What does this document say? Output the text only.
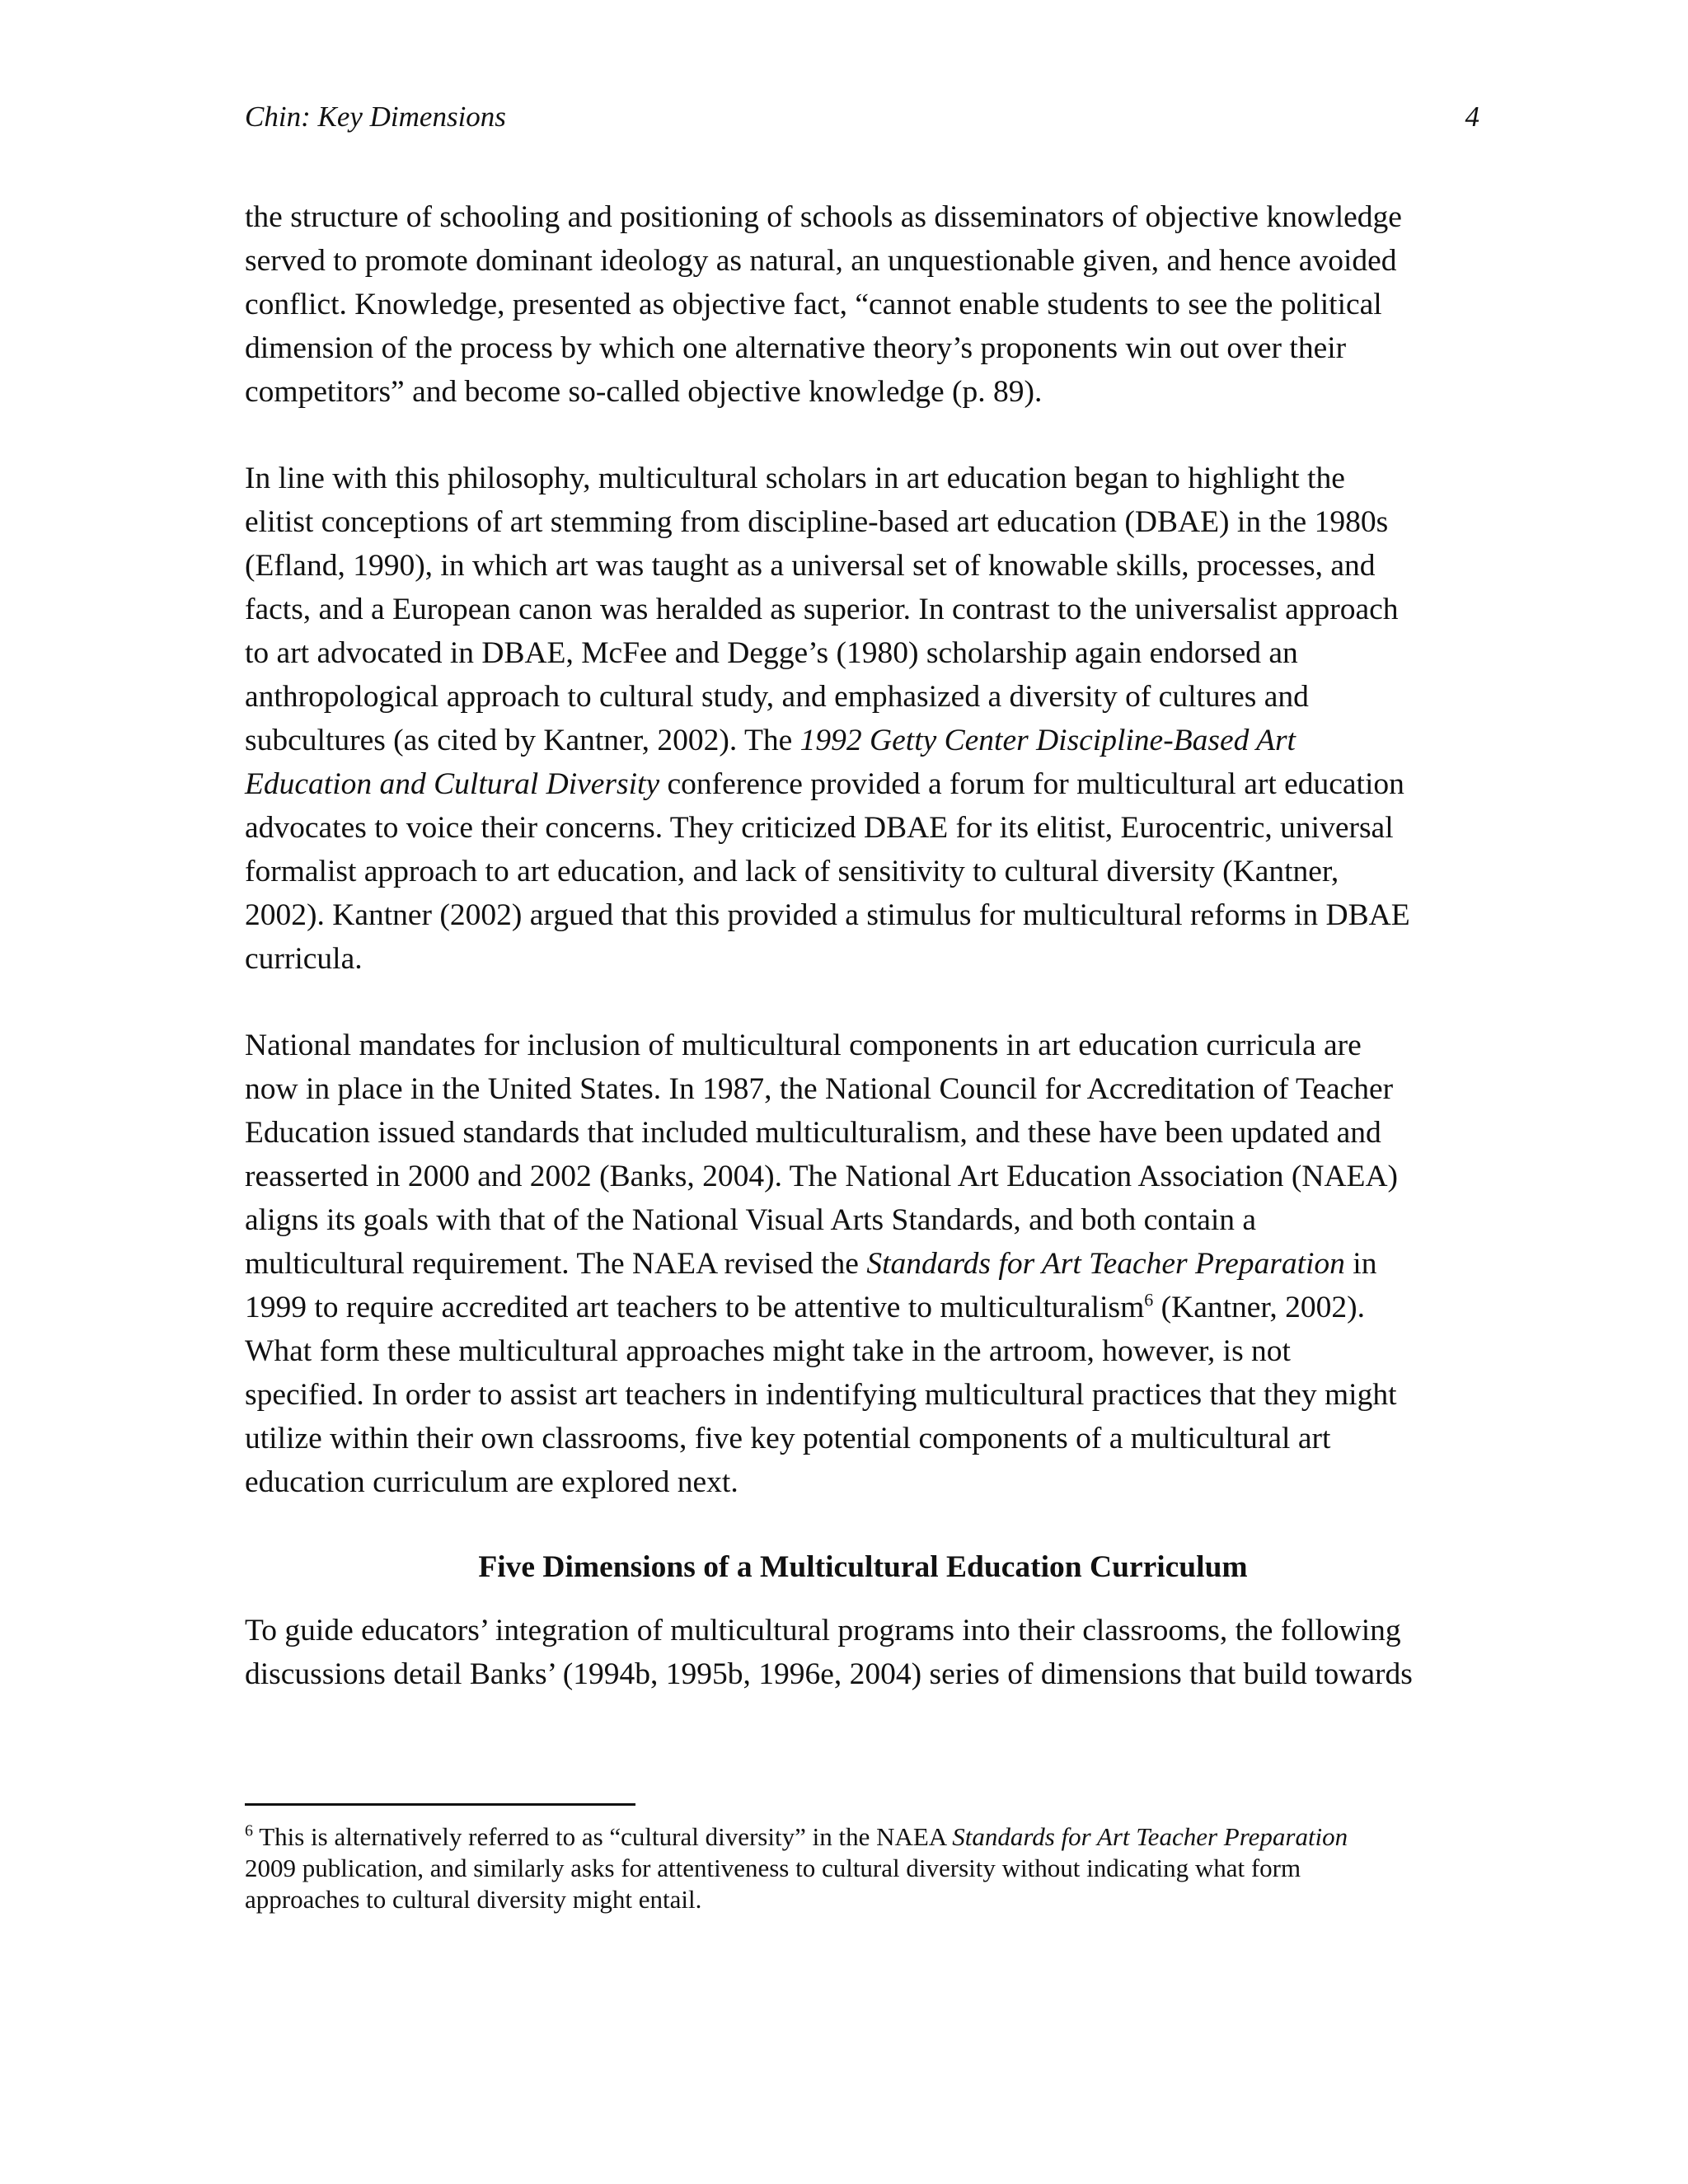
Chin: Key Dimensions	4

the structure of schooling and positioning of schools as disseminators of objective knowledge
served to promote dominant ideology as natural, an unquestionable given, and hence avoided
conflict. Knowledge, presented as objective fact, “cannot enable students to see the political
dimension of the process by which one alternative theory’s proponents win out over their
competitors” and become so-called objective knowledge (p. 89).

In line with this philosophy, multicultural scholars in art education began to highlight the
elitist conceptions of art stemming from discipline-based art education (DBAE) in the 1980s
(Efland, 1990), in which art was taught as a universal set of knowable skills, processes, and
facts, and a European canon was heralded as superior. In contrast to the universalist approach
to art advocated in DBAE, McFee and Degge’s (1980) scholarship again endorsed an
anthropological approach to cultural study, and emphasized a diversity of cultures and
subcultures (as cited by Kantner, 2002). The 1992 Getty Center Discipline-Based Art
Education and Cultural Diversity conference provided a forum for multicultural art education
advocates to voice their concerns. They criticized DBAE for its elitist, Eurocentric, universal
formalist approach to art education, and lack of sensitivity to cultural diversity (Kantner,
2002). Kantner (2002) argued that this provided a stimulus for multicultural reforms in DBAE
curricula.

National mandates for inclusion of multicultural components in art education curricula are
now in place in the United States. In 1987, the National Council for Accreditation of Teacher
Education issued standards that included multiculturalism, and these have been updated and
reasserted in 2000 and 2002 (Banks, 2004). The National Art Education Association (NAEA)
aligns its goals with that of the National Visual Arts Standards, and both contain a
multicultural requirement. The NAEA revised the Standards for Art Teacher Preparation in
1999 to require accredited art teachers to be attentive to multiculturalism$^6$ (Kantner, 2002).
What form these multicultural approaches might take in the artroom, however, is not
specified. In order to assist art teachers in indentifying multicultural practices that they might
utilize within their own classrooms, five key potential components of a multicultural art
education curriculum are explored next.

Five Dimensions of a Multicultural Education Curriculum

To guide educators’ integration of multicultural programs into their classrooms, the following
discussions detail Banks’ (1994b, 1995b, 1996e, 2004) series of dimensions that build towards

$^6$ This is alternatively referred to as “cultural diversity” in the NAEA Standards for Art Teacher Preparation
2009 publication, and similarly asks for attentiveness to cultural diversity without indicating what form
approaches to cultural diversity might entail.
